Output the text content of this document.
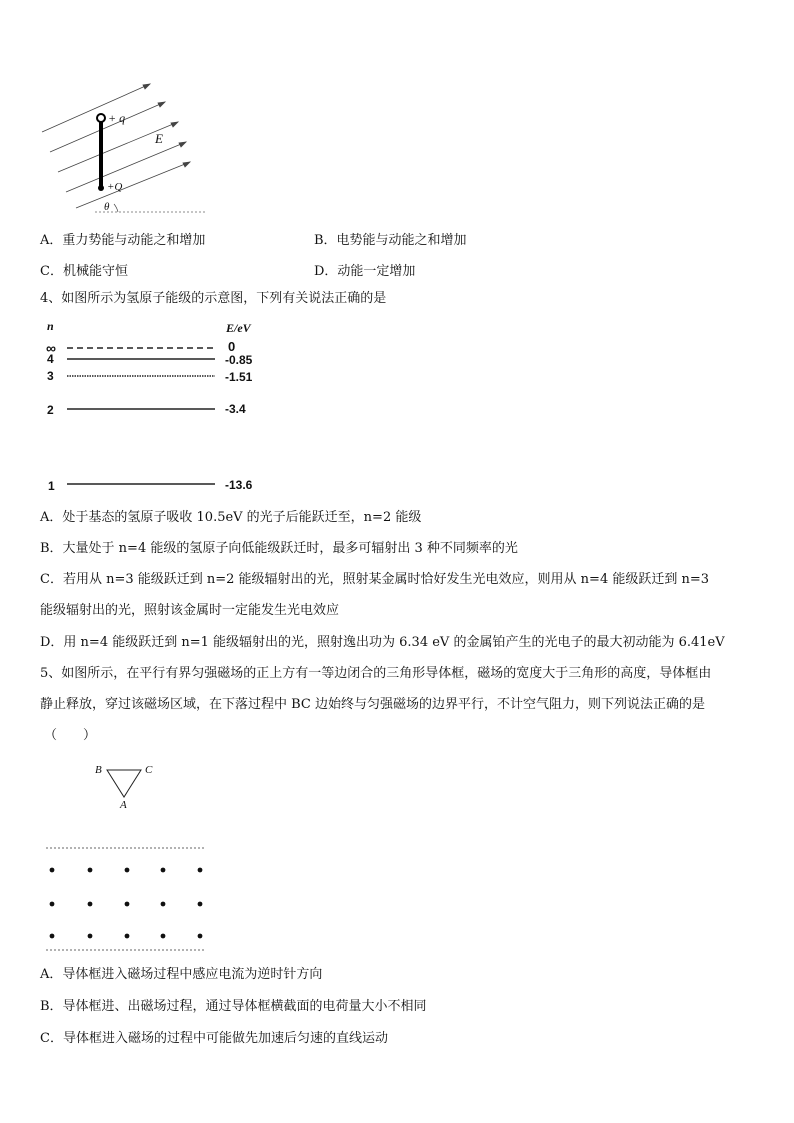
+ q
+Q
E
θ
A．重力势能与动能之和增加	B．电势能与动能之和增加
C．机械能守恒	D．动能一定增加
4、如图所示为氢原子能级的示意图，下列有关说法正确的是
n	E/eV
∞	0
4	-0.85
3	-1.51
2	-3.4
1	-13.6
A．处于基态的氢原子吸收 10.5eV 的光子后能跃迁至，n=2 能级
B．大量处于 n=4 能级的氢原子向低能级跃迁时，最多可辐射出 3 种不同频率的光
C．若用从 n=3 能级跃迁到 n=2 能级辐射出的光，照射某金属时恰好发生光电效应，则用从 n=4 能级跃迁到 n=3
能级辐射出的光，照射该金属时一定能发生光电效应
D．用 n=4 能级跃迁到 n=1 能级辐射出的光，照射逸出功为 6.34 eV 的金属铂产生的光电子的最大初动能为 6.41eV
5、如图所示，在平行有界匀强磁场的正上方有一等边闭合的三角形导体框，磁场的宽度大于三角形的高度，导体框由
静止释放，穿过该磁场区域，在下落过程中 BC 边始终与匀强磁场的边界平行，不计空气阻力，则下列说法正确的是
（　　）
B	C
A
A．导体框进入磁场过程中感应电流为逆时针方向
B．导体框进、出磁场过程，通过导体框横截面的电荷量大小不相同
C．导体框进入磁场的过程中可能做先加速后匀速的直线运动
